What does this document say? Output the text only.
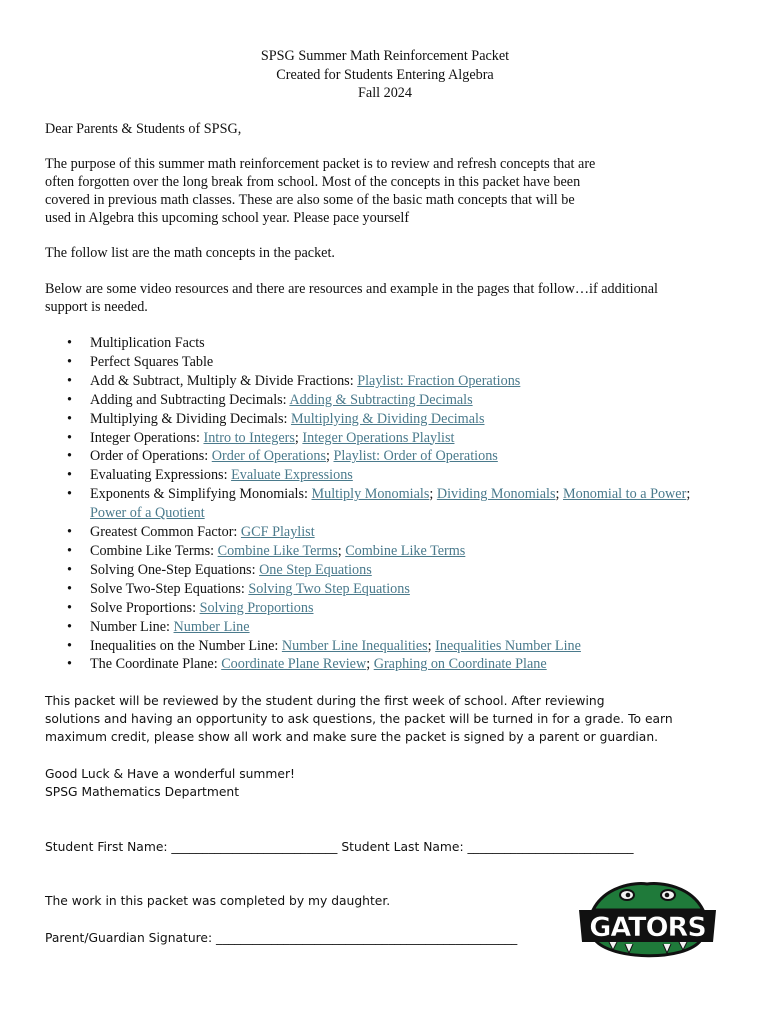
SPSG Summer Math Reinforcement Packet
Created for Students Entering Algebra
Fall 2024

Dear Parents & Students of SPSG,

The purpose of this summer math reinforcement packet is to review and refresh concepts that are

often forgotten over the long break from school. Most of the concepts in this packet have been

covered in previous math classes. These are also some of the basic math concepts that will be

used in Algebra this upcoming school year. Please pace yourself

The follow list are the math concepts in the packet.

Below are some video resources and there are resources and example in the pages that follow…if additional

support is needed.

• Multiplication Facts
• Perfect Squares Table
• Add & Subtract, Multiply & Divide Fractions: Playlist: Fraction Operations
• Adding and Subtracting Decimals: Adding & Subtracting Decimals
• Multiplying & Dividing Decimals: Multiplying & Dividing Decimals
• Integer Operations: Intro to Integers; Integer Operations Playlist
• Order of Operations: Order of Operations; Playlist: Order of Operations
• Evaluating Expressions: Evaluate Expressions
• Exponents & Simplifying Monomials: Multiply Monomials; Dividing Monomials; Monomial to a Power; Power of a Quotient
• Greatest Common Factor: GCF Playlist
• Combine Like Terms: Combine Like Terms; Combine Like Terms
• Solving One-Step Equations: One Step Equations
• Solve Two-Step Equations: Solving Two Step Equations
• Solve Proportions: Solving Proportions
• Number Line: Number Line
• Inequalities on the Number Line: Number Line Inequalities; Inequalities Number Line
• The Coordinate Plane: Coordinate Plane Review; Graphing on Coordinate Plane

This packet will be reviewed by the student during the first week of school. After reviewing

solutions and having an opportunity to ask questions, the packet will be turned in for a grade. To earn

maximum credit, please show all work and make sure the packet is signed by a parent or guardian.

Good Luck & Have a wonderful summer!

SPSG Mathematics Department

Student First Name: ___________________________ Student Last Name: ___________________________

The work in this packet was completed by my daughter.

Parent/Guardian Signature: _________________________________________________	GATORS
